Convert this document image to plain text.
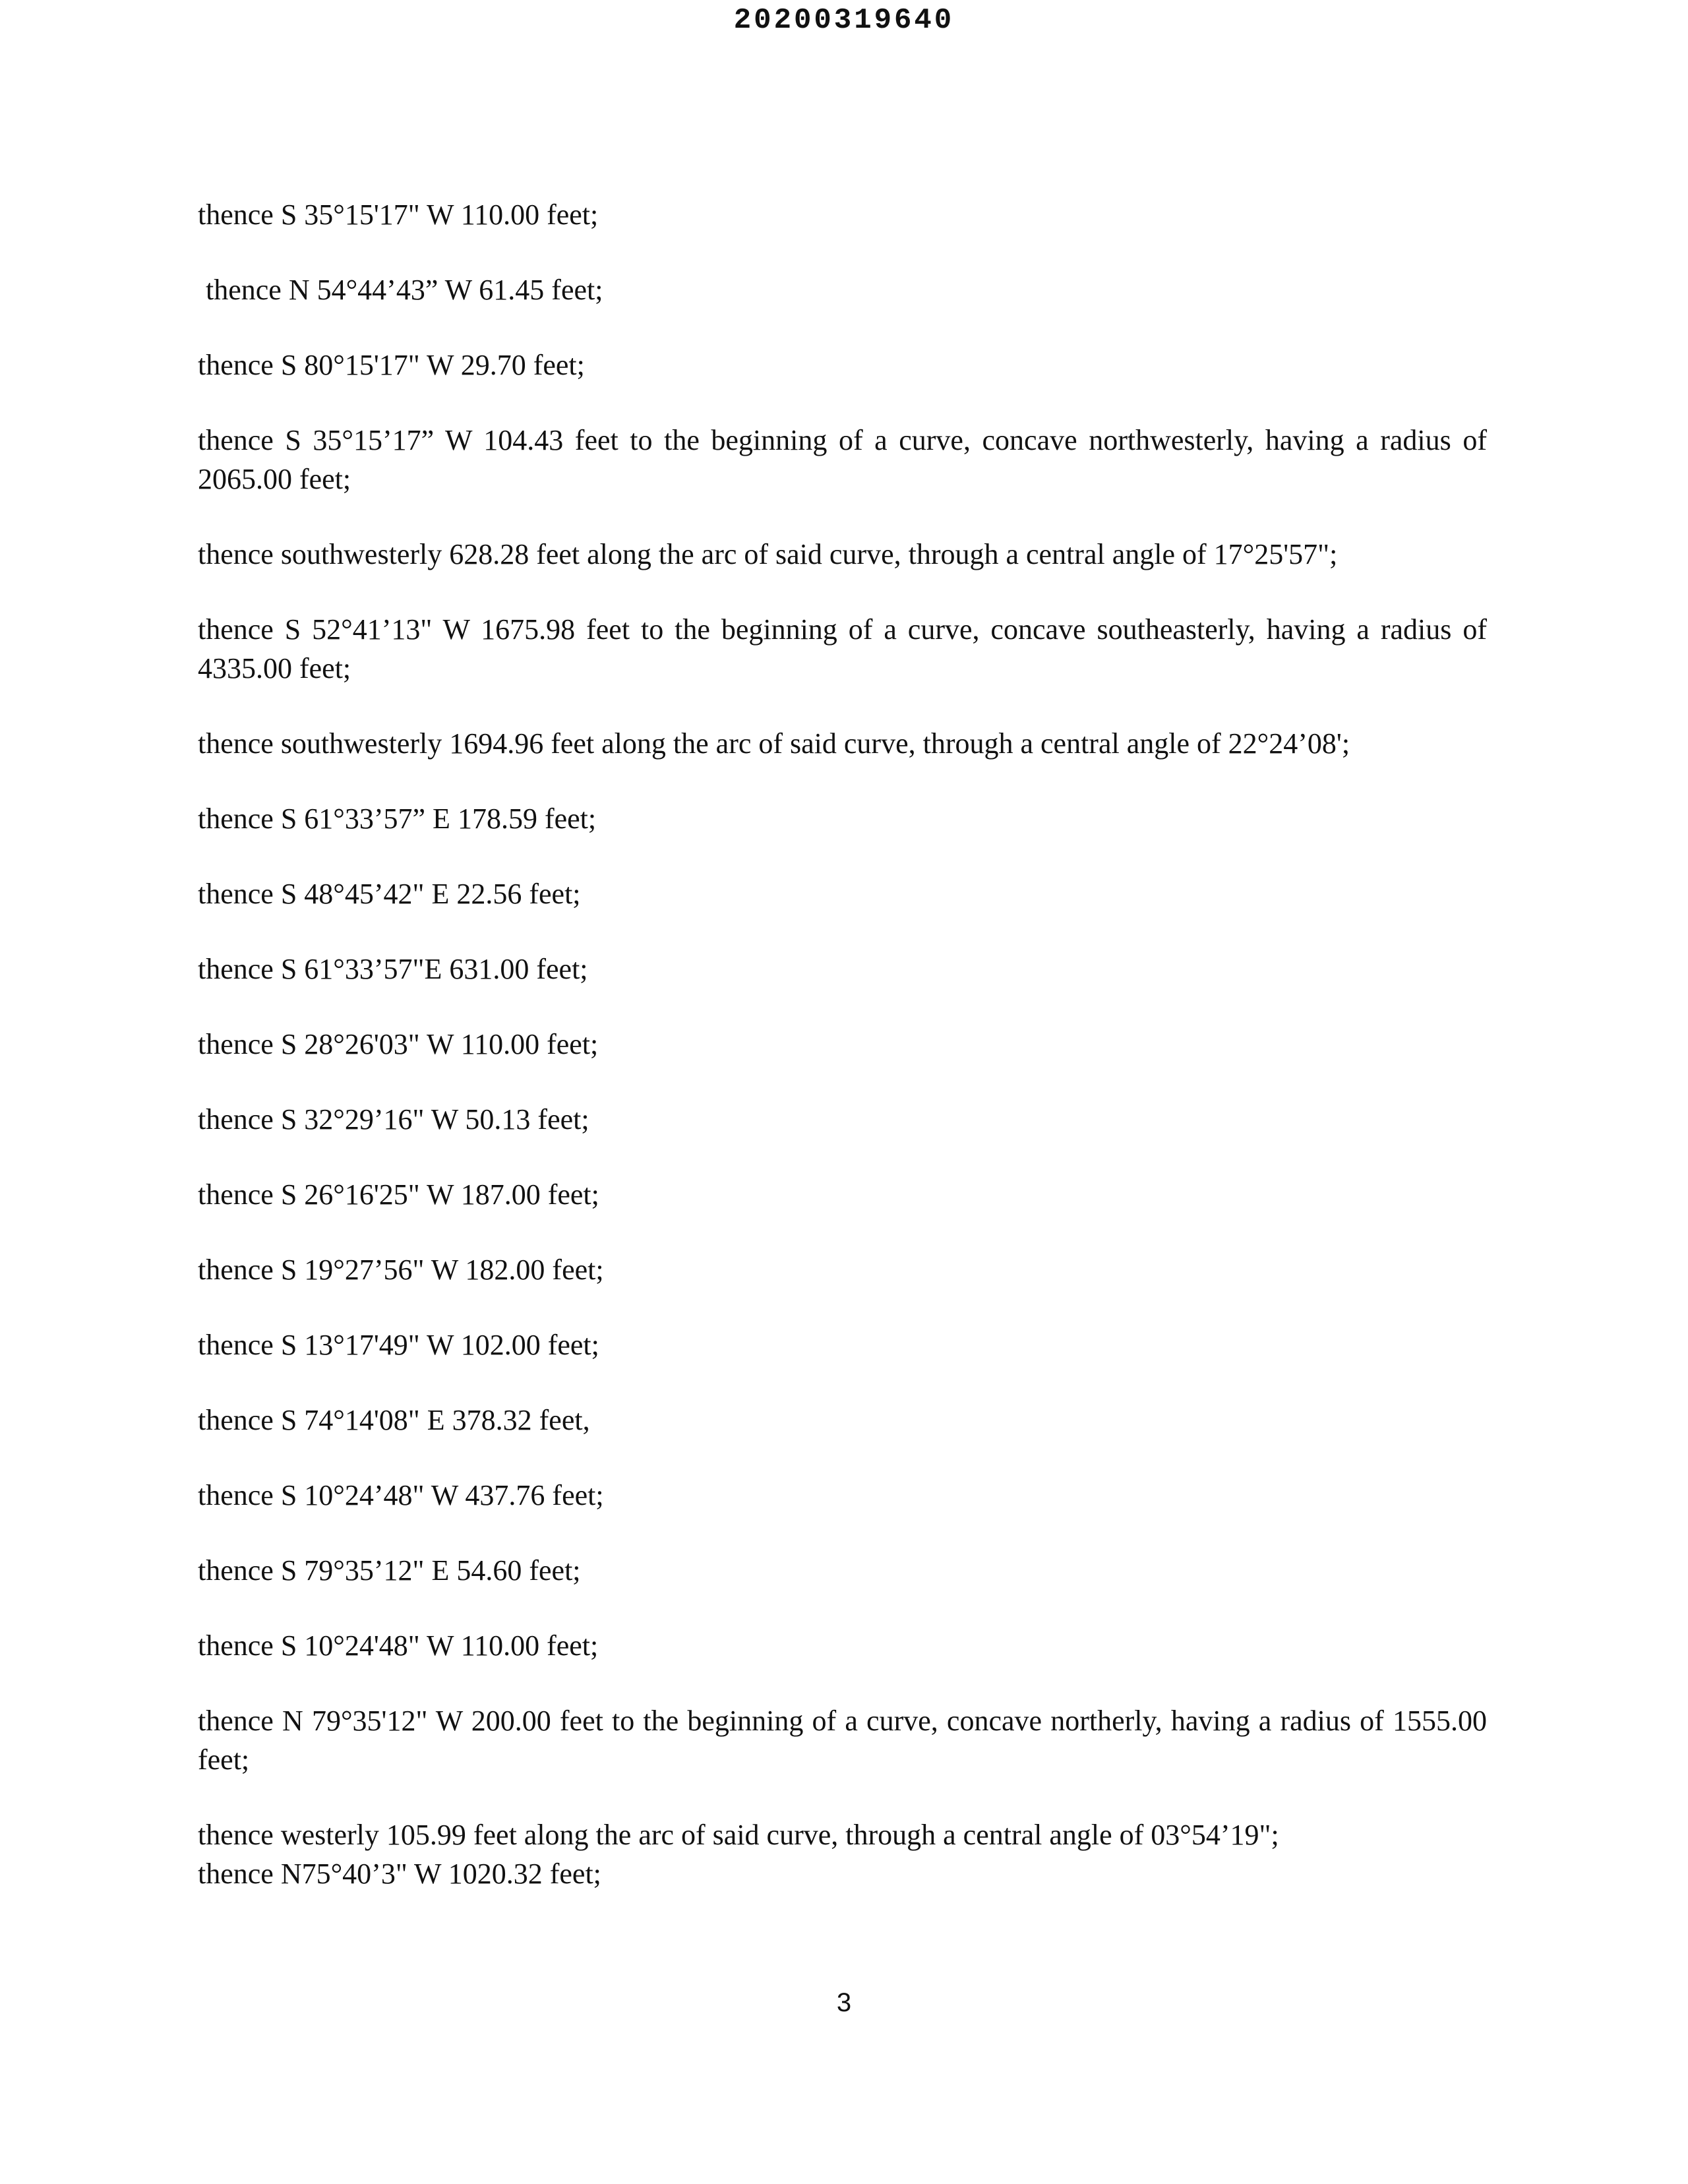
20200319640

thence S 35°15'17" W 110.00 feet;

thence N 54°44’43” W 61.45 feet;

thence S 80°15'17" W 29.70 feet;

thence S 35°15’17” W 104.43 feet to the beginning of a curve, concave northwesterly, having a radius of 2065.00 feet;

thence southwesterly 628.28 feet along the arc of said curve, through a central angle of 17°25'57";

thence S 52°41’13" W 1675.98 feet to the beginning of a curve, concave southeasterly, having a radius of 4335.00 feet;

thence southwesterly 1694.96 feet along the arc of said curve, through a central angle of 22°24’08';

thence S 61°33’57” E 178.59 feet;

thence S 48°45’42" E 22.56 feet;

thence S 61°33’57"E 631.00 feet;

thence S 28°26'03" W 110.00 feet;

thence S 32°29’16" W 50.13 feet;

thence S 26°16'25" W 187.00 feet;

thence S 19°27’56" W 182.00 feet;

thence S 13°17'49" W 102.00 feet;

thence S 74°14'08" E 378.32 feet,

thence S 10°24’48" W 437.76 feet;

thence S 79°35’12" E 54.60 feet;

thence S 10°24'48" W 110.00 feet;

thence N 79°35'12" W 200.00 feet to the beginning of a curve, concave northerly, having a radius of 1555.00 feet;

thence westerly 105.99 feet along the arc of said curve, through a central angle of 03°54’19";

thence N75°40’3" W 1020.32 feet;

3
